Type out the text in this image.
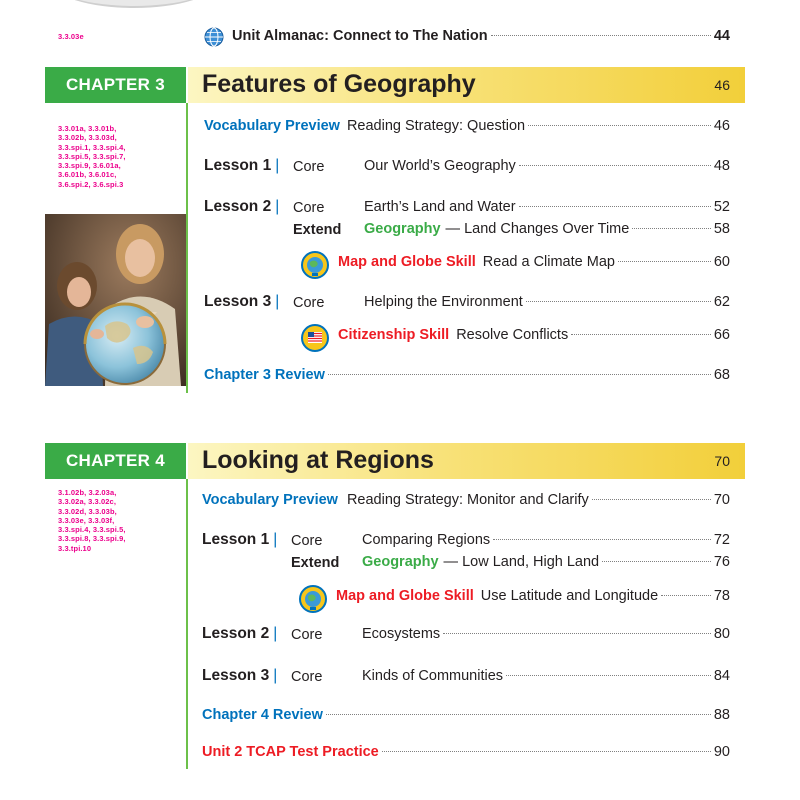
3.3.03e	Unit Almanac: Connect to The Nation	44
CHAPTER 3	Features of Geography	46
3.3.01a, 3.3.01b,
3.3.02b, 3.3.03d,
3.3.spi.1, 3.3.spi.4,
3.3.spi.5, 3.3.spi.7,
3.3.spi.9, 3.6.01a,
3.6.01b, 3.6.01c,
3.6.spi.2, 3.6.spi.3
Vocabulary Preview Reading Strategy: Question	46
Lesson 1 | Core	Our World’s Geography	48
Lesson 2 | Core	Earth’s Land and Water	52
Extend Geography — Land Changes Over Time	58
Map and Globe Skill Read a Climate Map	60
Lesson 3 | Core	Helping the Environment	62
Citizenship Skill Resolve Conflicts	66
Chapter 3 Review	68
CHAPTER 4	Looking at Regions	70
3.1.02b, 3.2.03a,
3.3.02a, 3.3.02c,
3.3.02d, 3.3.03b,
3.3.03e, 3.3.03f,
3.3.spi.4, 3.3.spi.5,
3.3.spi.8, 3.3.spi.9,
3.3.tpi.10
Vocabulary Preview Reading Strategy: Monitor and Clarify	70
Lesson 1 | Core	Comparing Regions	72
Extend Geography — Low Land, High Land	76
Map and Globe Skill Use Latitude and Longitude	78
Lesson 2 | Core	Ecosystems	80
Lesson 3 | Core	Kinds of Communities	84
Chapter 4 Review	88
Unit 2 TCAP Test Practice	90
